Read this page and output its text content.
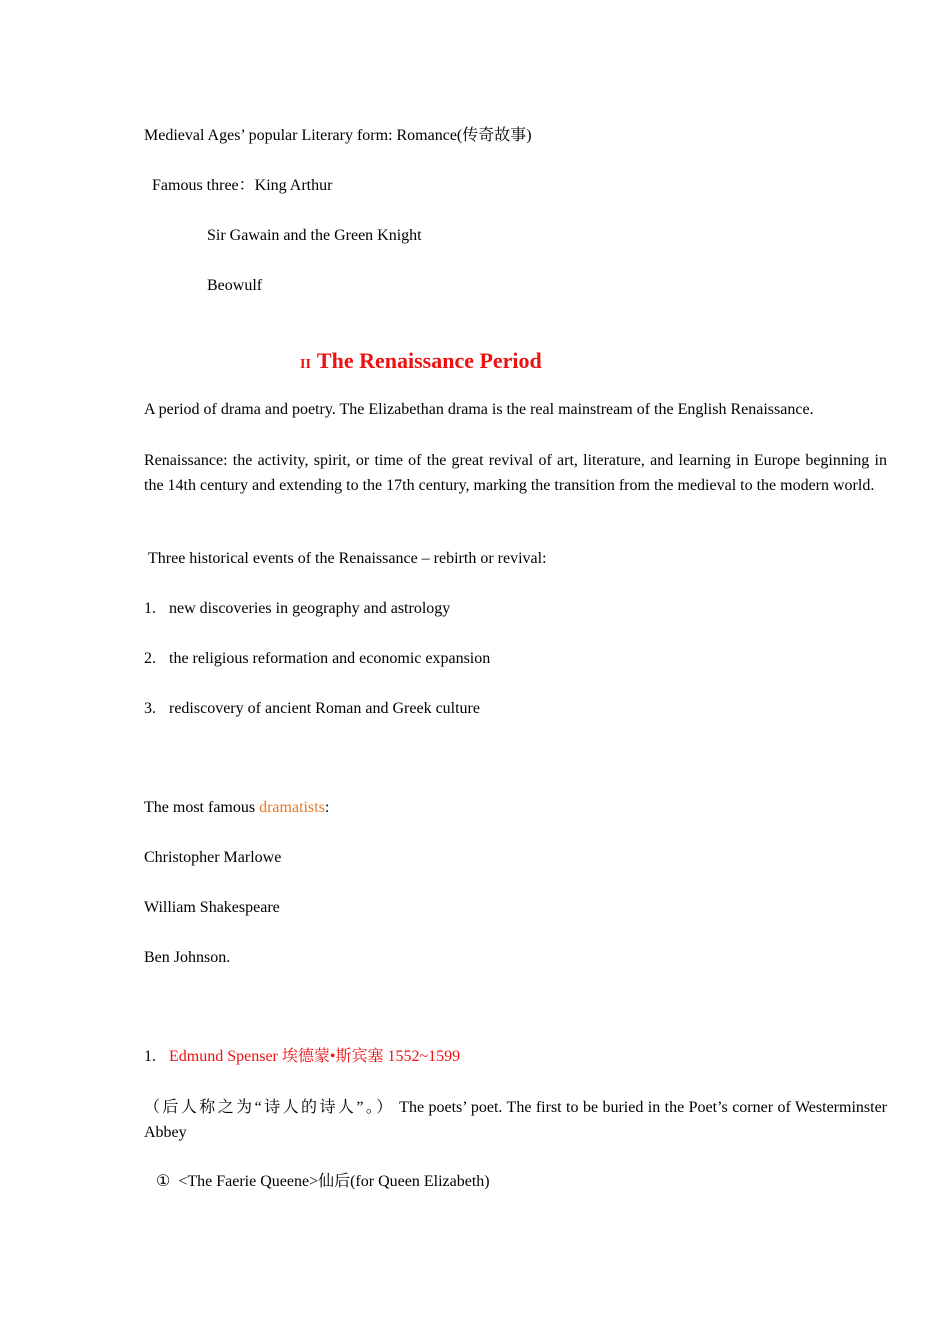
Medieval Ages’ popular Literary form: Romance(传奇故事)
Famous three：King Arthur
Sir Gawain and the Green Knight
Beowulf
II The Renaissance Period
A period of drama and poetry. The Elizabethan drama is the real mainstream of the English Renaissance.
Renaissance: the activity, spirit, or time of the great revival of art, literature, and learning in Europe beginning in the 14th century and extending to the 17th century, marking the transition from the medieval to the modern world.
Three historical events of the Renaissance – rebirth or revival:
1. new discoveries in geography and astrology
2. the religious reformation and economic expansion
3. rediscovery of ancient Roman and Greek culture
The most famous dramatists:
Christopher Marlowe
William Shakespeare
Ben Johnson.
1. Edmund Spenser 埃德蒙•斯宾塞 1552~1599
（后人称之为“诗人的诗人”。） The poets’ poet. The first to be buried in the Poet’s corner of Westerminster Abbey
① <The Faerie Queene>仙后(for Queen Elizabeth)
